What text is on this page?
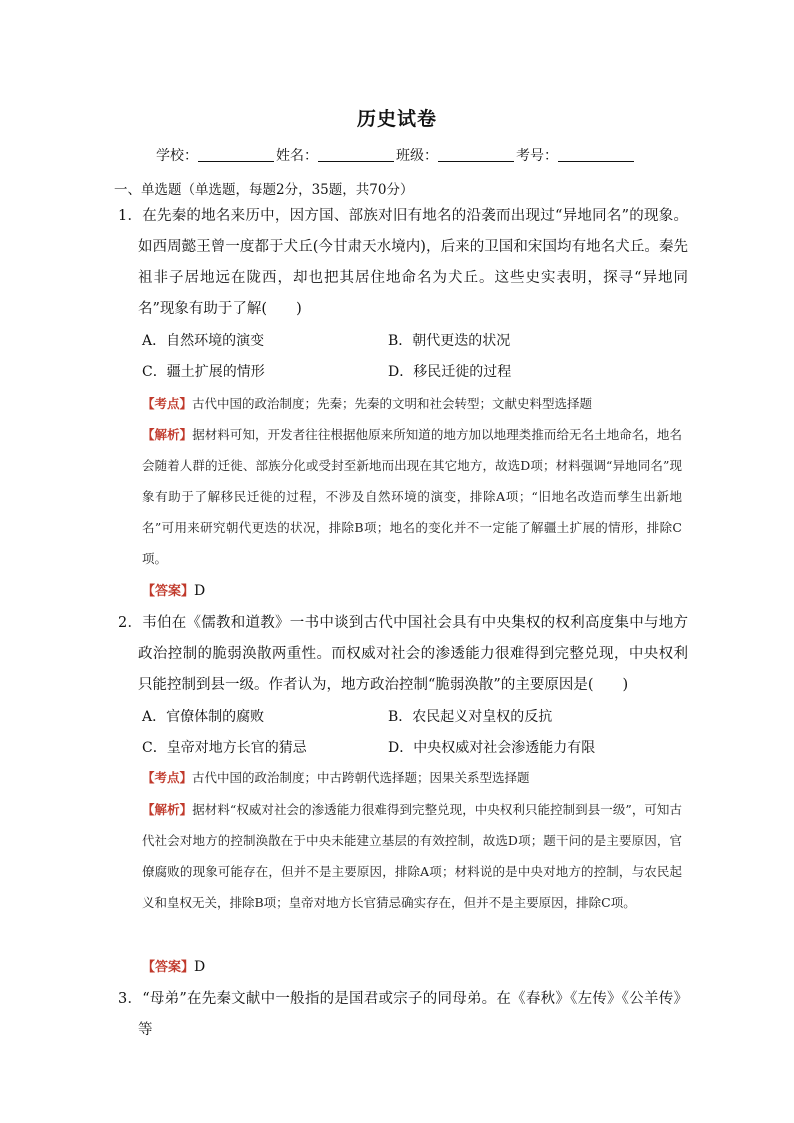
历史试卷
学校：	姓名：	班级：	考号：
一、单选题（单选题，每题2分，35题，共70分）
1．在先秦的地名来历中，因方国、部族对旧有地名的沿袭而出现过“异地同名”的现象。如西周懿王曾一度都于犬丘(今甘肃天水境内)，后来的卫国和宋国均有地名犬丘。秦先祖非子居地远在陇西，却也把其居住地命名为犬丘。这些史实表明，探寻“异地同名”现象有助于了解(　　)
A．自然环境的演变	B．朝代更迭的状况
C．疆土扩展的情形	D．移民迁徙的过程
【考点】古代中国的政治制度；先秦；先秦的文明和社会转型；文献史料型选择题
【解析】据材料可知，开发者往往根据他原来所知道的地方加以地理类推而给无名土地命名，地名会随着人群的迁徙、部族分化或受封至新地而出现在其它地方，故选D项；材料强调“异地同名”现象有助于了解移民迁徙的过程，不涉及自然环境的演变，排除A项；“旧地名改造而孳生出新地名”可用来研究朝代更迭的状况，排除B项；地名的变化并不一定能了解疆土扩展的情形，排除C项。
【答案】D
2．韦伯在《儒教和道教》一书中谈到古代中国社会具有中央集权的权利高度集中与地方政治控制的脆弱涣散两重性。而权威对社会的渗透能力很难得到完整兑现，中央权利只能控制到县一级。作者认为，地方政治控制“脆弱涣散”的主要原因是(　　)
A．官僚体制的腐败	B．农民起义对皇权的反抗
C．皇帝对地方长官的猜忌	D．中央权威对社会渗透能力有限
【考点】古代中国的政治制度；中古跨朝代选择题；因果关系型选择题
【解析】据材料“权威对社会的渗透能力很难得到完整兑现，中央权利只能控制到县一级”，可知古代社会对地方的控制涣散在于中央未能建立基层的有效控制，故选D项；题干问的是主要原因，官僚腐败的现象可能存在，但并不是主要原因，排除A项；材料说的是中央对地方的控制，与农民起义和皇权无关，排除B项；皇帝对地方长官猜忌确实存在，但并不是主要原因，排除C项。
【答案】D
3．“母弟”在先秦文献中一般指的是国君或宗子的同母弟。在《春秋》《左传》《公羊传》等
